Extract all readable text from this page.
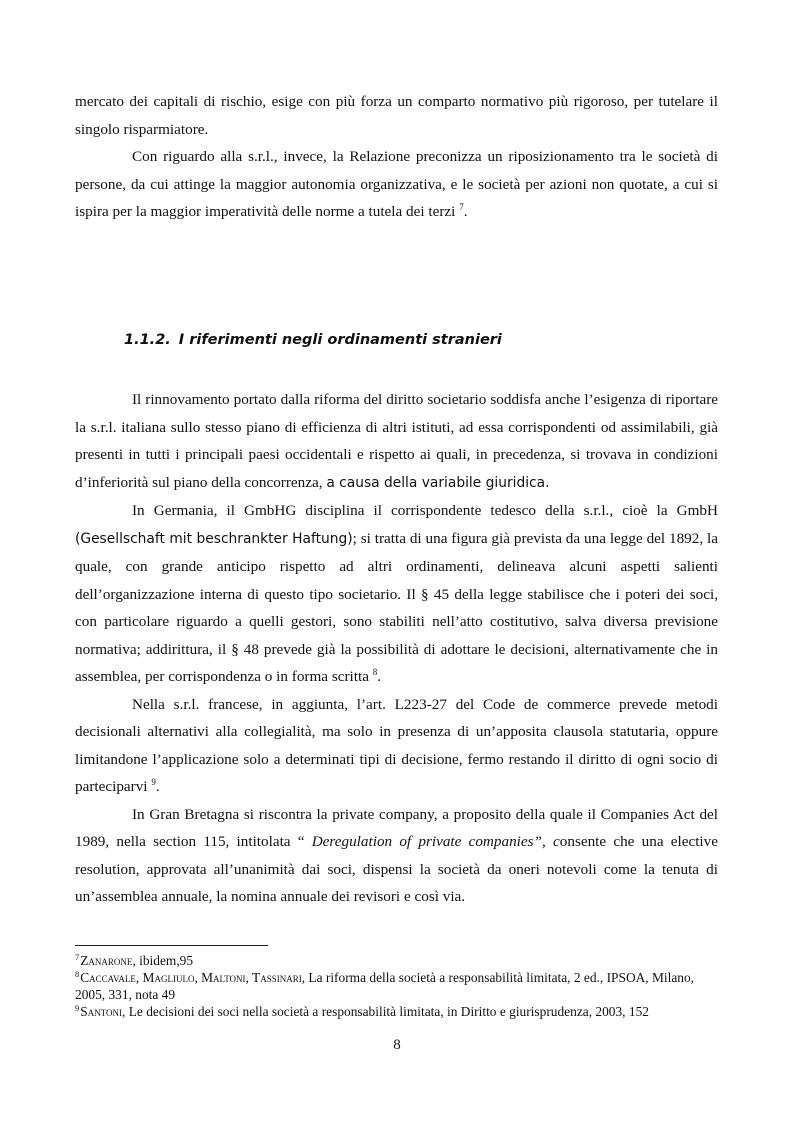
mercato dei capitali di rischio, esige con più forza un comparto normativo più rigoroso, per tutelare il singolo risparmiatore.

Con riguardo alla s.r.l., invece, la Relazione preconizza un riposizionamento tra le società di persone, da cui attinge la maggior autonomia organizzativa, e le società per azioni non quotate, a cui si ispira per la maggior imperatività delle norme a tutela dei terzi $^7$.

1.1.2. I riferimenti negli ordinamenti stranieri

Il rinnovamento portato dalla riforma del diritto societario soddisfa anche l’esigenza di riportare la s.r.l. italiana sullo stesso piano di efficienza di altri istituti, ad essa corrispondenti od assimilabili, già presenti in tutti i principali paesi occidentali e rispetto ai quali, in precedenza, si trovava in condizioni d’inferiorità sul piano della concorrenza, a causa della variabile giuridica.

In Germania, il GmbHG disciplina il corrispondente tedesco della s.r.l., cioè la GmbH (Gesellschaft mit beschrankter Haftung); si tratta di una figura già prevista da una legge del 1892, la quale, con grande anticipo rispetto ad altri ordinamenti, delineava alcuni aspetti salienti dell’organizzazione interna di questo tipo societario. Il § 45 della legge stabilisce che i poteri dei soci, con particolare riguardo a quelli gestori, sono stabiliti nell’atto costitutivo, salva diversa previsione normativa; addirittura, il § 48 prevede già la possibilità di adottare le decisioni, alternativamente che in assemblea, per corrispondenza o in forma scritta $^8$.

Nella s.r.l. francese, in aggiunta, l’art. L223-27 del Code de commerce prevede metodi decisionali alternativi alla collegialità, ma solo in presenza di un’apposita clausola statutaria, oppure limitandone l’applicazione solo a determinati tipi di decisione, fermo restando il diritto di ogni socio di parteciparvi $^9$.

In Gran Bretagna si riscontra la private company, a proposito della quale il Companies Act del 1989, nella section 115, intitolata “ Deregulation of private companies”, consente che una elective resolution, approvata all’unanimità dai soci, dispensi la società da oneri notevoli come la tenuta di un’assemblea annuale, la nomina annuale dei revisori e così via.

$^7$Zanarone, ibidem,95
$^8$Caccavale, Magliulo, Maltoni, Tassinari, La riforma della società a responsabilità limitata, 2 ed., IPSOA, Milano, 2005, 331, nota 49
$^9$Santoni, Le decisioni dei soci nella società a responsabilità limitata, in Diritto e giurisprudenza, 2003, 152
8
